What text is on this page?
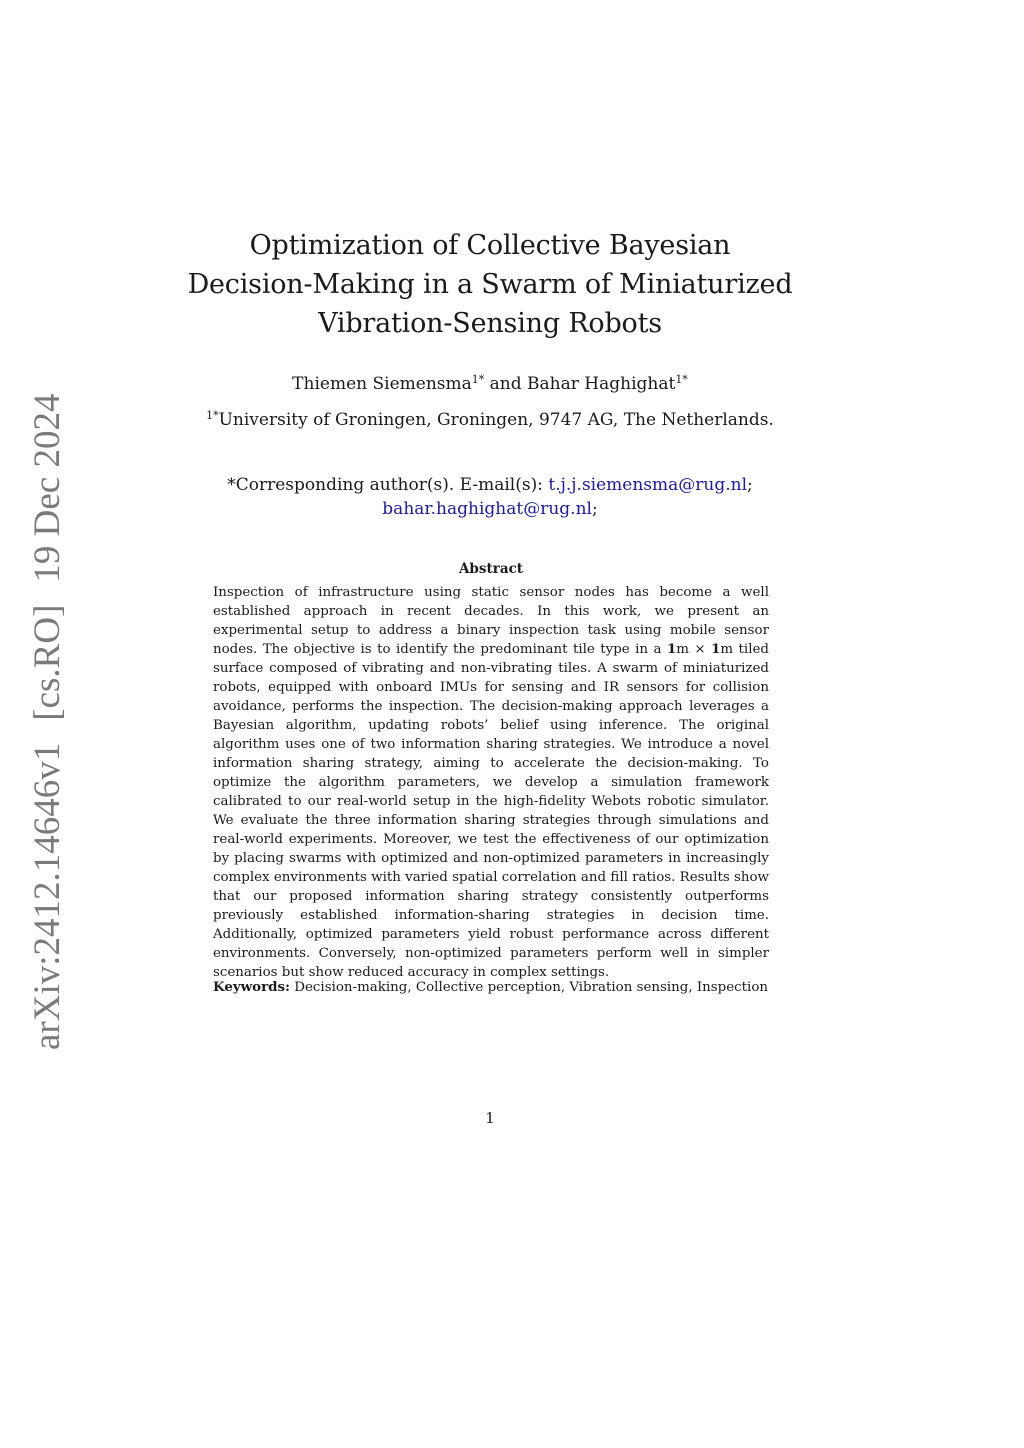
arXiv:2412.14646v1[cs.RO]19 Dec 2024
Optimization of Collective Bayesian
Decision-Making in a Swarm of Miniaturized
Vibration-Sensing Robots
Thiemen Siemensma$^{1*}$ and Bahar Haghighat$^{1*}$
$^{1*}$University of Groningen, Groningen, 9747 AG, The Netherlands.
*Corresponding author(s). E-mail(s): t.j.j.siemensma@rug.nl;
bahar.haghighat@rug.nl;
Abstract

Inspection of infrastructure using static sensor nodes has become a well established approach in recent decades. In this work, we present an experimental setup to address a binary inspection task using mobile sensor nodes. The objective is to identify the predominant tile type in a 1m × 1m tiled surface composed of vibrating and non-vibrating tiles. A swarm of miniaturized robots, equipped with onboard IMUs for sensing and IR sensors for collision avoidance, performs the inspection. The decision-making approach leverages a Bayesian algorithm, updating robots’ belief using inference. The original algorithm uses one of two information sharing strategies. We introduce a novel information sharing strategy, aiming to accelerate the decision-making. To optimize the algorithm parameters, we develop a simulation framework calibrated to our real-world setup in the high-fidelity Webots robotic simulator. We evaluate the three information sharing strategies through simulations and real-world experiments. Moreover, we test the effectiveness of our optimization by placing swarms with optimized and non-optimized parameters in increasingly complex environments with varied spatial correlation and fill ratios. Results show that our proposed information sharing strategy consistently outperforms previously established information-sharing strategies in decision time. Additionally, optimized parameters yield robust performance across different environments. Conversely, non-optimized parameters perform well in simpler scenarios but show reduced accuracy in complex settings.

Keywords: Decision-making, Collective perception, Vibration sensing, Inspection
1
